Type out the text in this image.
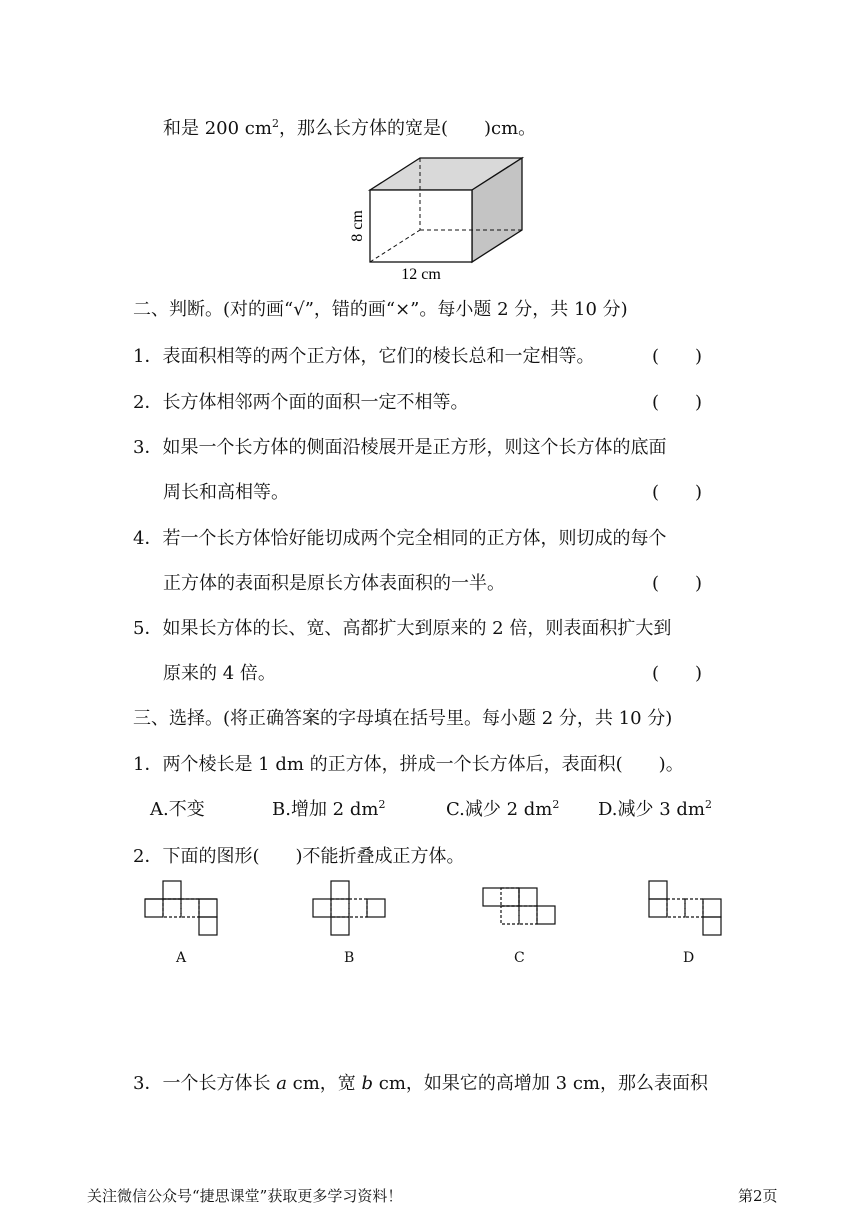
和是 200 $cm^2$，那么长方体的宽是(　　)cm。
8 cm
12 cm
二、判断。(对的画“√”，错的画“×”。每小题 2 分，共 10 分)
1．表面积相等的两个正方体，它们的棱长总和一定相等。	(　　)
2．长方体相邻两个面的面积一定不相等。	(　　)
3．如果一个长方体的侧面沿棱展开是正方形，则这个长方体的底面
周长和高相等。	(　　)
4．若一个长方体恰好能切成两个完全相同的正方体，则切成的每个
正方体的表面积是原长方体表面积的一半。	(　　)
5．如果长方体的长、宽、高都扩大到原来的 2 倍，则表面积扩大到
原来的 4 倍。	(　　)
三、选择。(将正确答案的字母填在括号里。每小题 2 分，共 10 分)
1．两个棱长是 1 dm 的正方体，拼成一个长方体后，表面积(　　)。
A.不变	B.增加 2 $dm^2$	C.减少 2 $dm^2$ D.减少 3 $dm^2$
2．下面的图形(　　)不能折叠成正方体。
A	B	C	D
3．一个长方体长 a cm，宽 b cm，如果它的高增加 3 cm，那么表面积
关注微信公众号“捷思课堂”获取更多学习资料！	第2页
